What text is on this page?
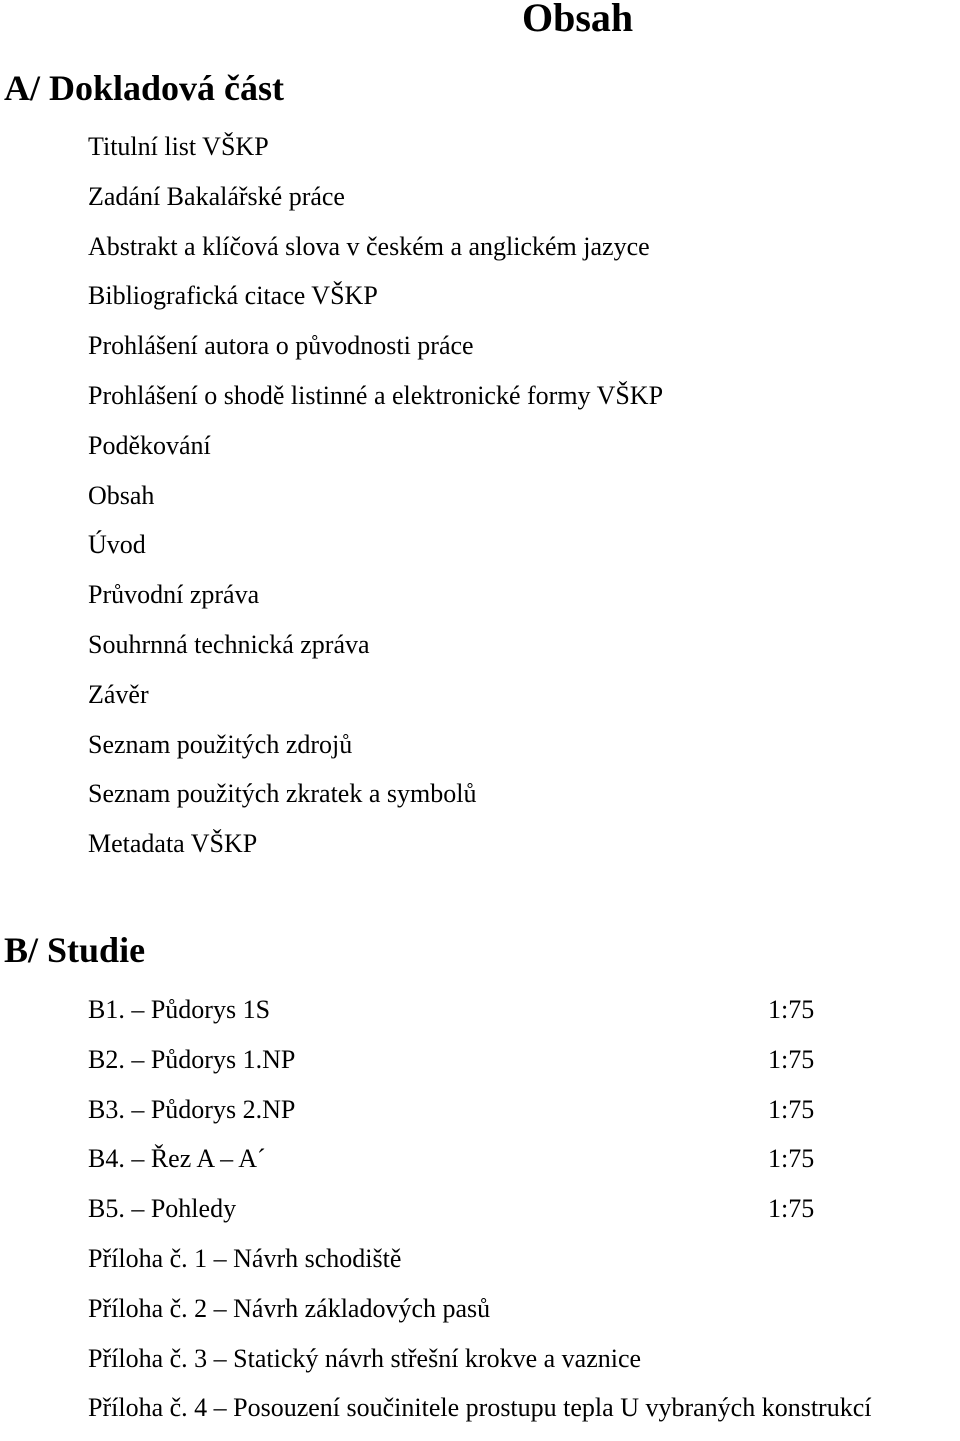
Obsah
A/ Dokladová část
Titulní list VŠKP
Zadání Bakalářské práce
Abstrakt a klíčová slova v českém a anglickém jazyce
Bibliografická citace VŠKP
Prohlášení autora o původnosti práce
Prohlášení o shodě listinné a elektronické formy VŠKP
Poděkování
Obsah
Úvod
Průvodní zpráva
Souhrnná technická zpráva
Závěr
Seznam použitých zdrojů
Seznam použitých zkratek a symbolů
Metadata VŠKP
B/ Studie
B1. – Půdorys 1S	1:75
B2. – Půdorys 1.NP	1:75
B3. – Půdorys 2.NP	1:75
B4. – Řez A – A´	1:75
B5. – Pohledy	1:75
Příloha č. 1 – Návrh schodiště
Příloha č. 2 – Návrh základových pasů
Příloha č. 3 – Statický návrh střešní krokve a vaznice
Příloha č. 4 – Posouzení součinitele prostupu tepla U vybraných konstrukcí
